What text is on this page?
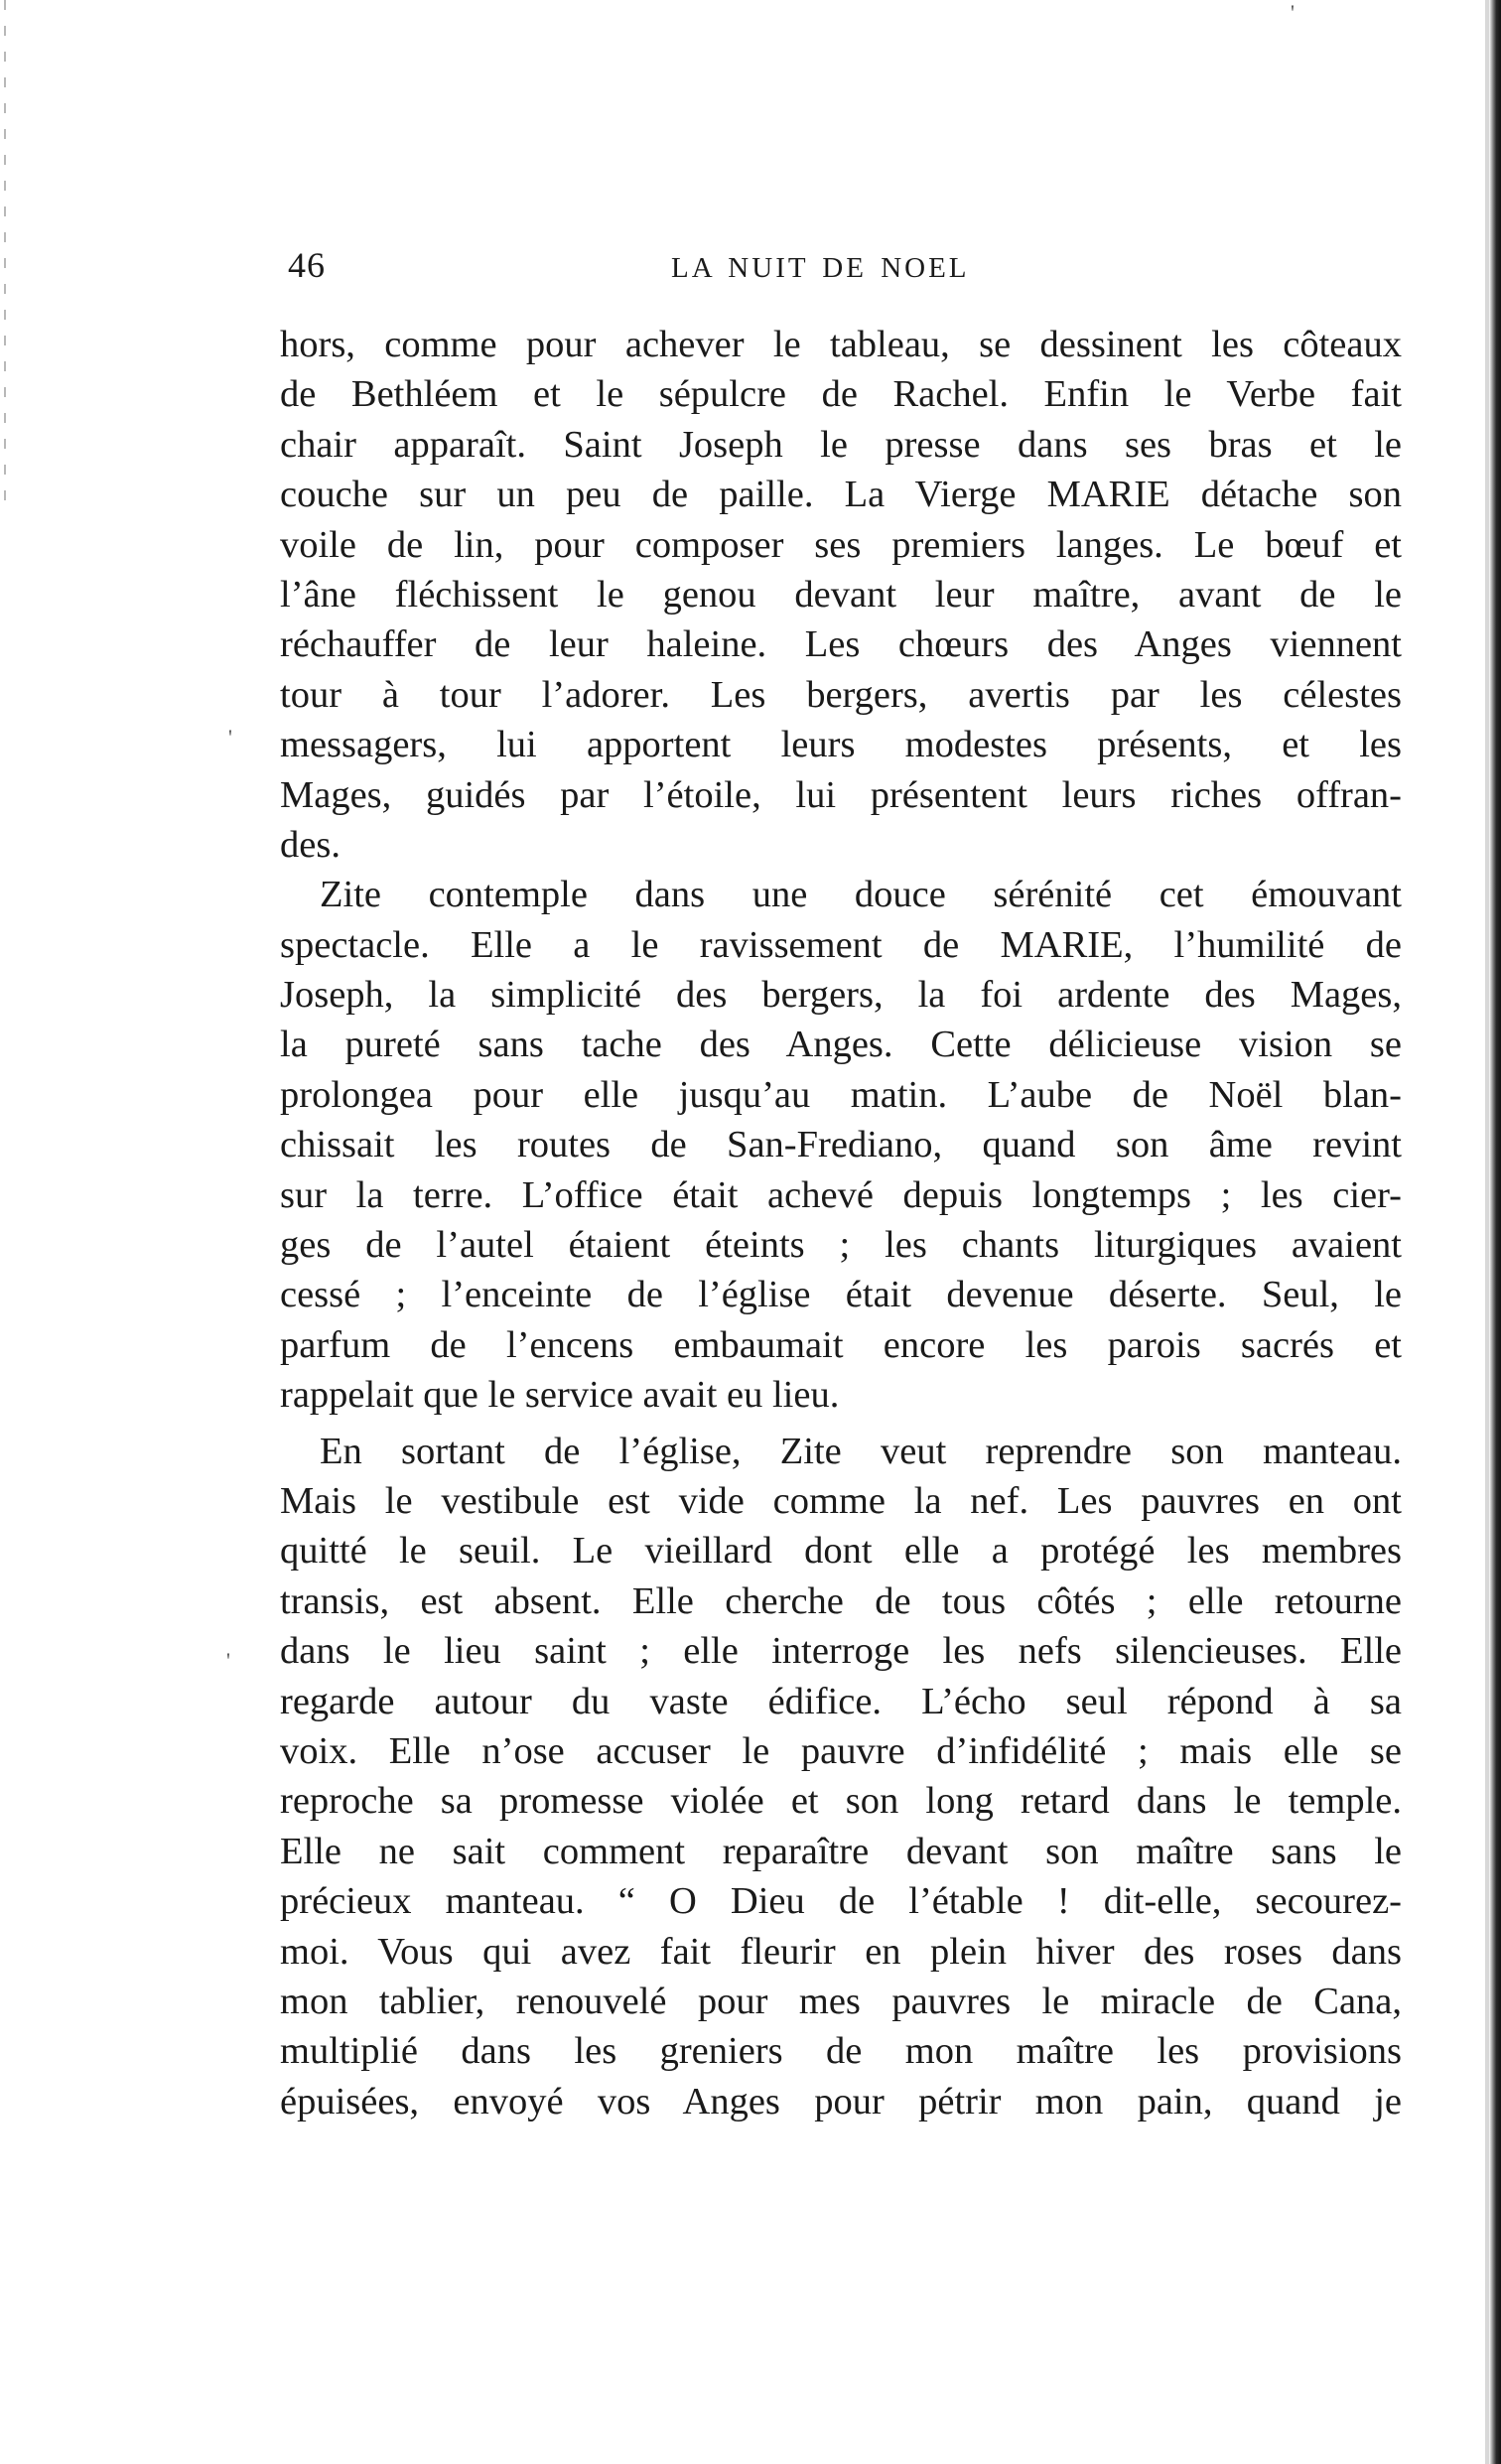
46	LA NUIT DE NOEL
hors, comme pour achever le tableau, se dessinent les côteaux
de Bethléem et le sépulcre de Rachel. Enfin le Verbe fait
chair apparaît. Saint Joseph le presse dans ses bras et le
couche sur un peu de paille. La Vierge MARIE détache son
voile de lin, pour composer ses premiers langes. Le bœuf et
l’âne fléchissent le genou devant leur maître, avant de le
réchauffer de leur haleine. Les chœurs des Anges viennent
tour à tour l’adorer. Les bergers, avertis par les célestes
messagers, lui apportent leurs modestes présents, et les
Mages, guidés par l’étoile, lui présentent leurs riches offran-
des.
Zite contemple dans une douce sérénité cet émouvant
spectacle. Elle a le ravissement de MARIE, l’humilité de
Joseph, la simplicité des bergers, la foi ardente des Mages,
la pureté sans tache des Anges. Cette délicieuse vision se
prolongea pour elle jusqu’au matin. L’aube de Noël blan-
chissait les routes de San-Frediano, quand son âme revint
sur la terre. L’office était achevé depuis longtemps ; les cier-
ges de l’autel étaient éteints ; les chants liturgiques avaient
cessé ; l’enceinte de l’église était devenue déserte. Seul, le
parfum de l’encens embaumait encore les parois sacrés et
rappelait que le service avait eu lieu.
En sortant de l’église, Zite veut reprendre son manteau.
Mais le vestibule est vide comme la nef. Les pauvres en ont
quitté le seuil. Le vieillard dont elle a protégé les membres
transis, est absent. Elle cherche de tous côtés ; elle retourne
dans le lieu saint ; elle interroge les nefs silencieuses. Elle
regarde autour du vaste édifice. L’écho seul répond à sa
voix. Elle n’ose accuser le pauvre d’infidélité ; mais elle se
reproche sa promesse violée et son long retard dans le temple.
Elle ne sait comment reparaître devant son maître sans le
précieux manteau. “ O Dieu de l’étable ! dit-elle, secourez-
moi. Vous qui avez fait fleurir en plein hiver des roses dans
mon tablier, renouvelé pour mes pauvres le miracle de Cana,
multiplié dans les greniers de mon maître les provisions
épuisées, envoyé vos Anges pour pétrir mon pain, quand je
'
'
'
